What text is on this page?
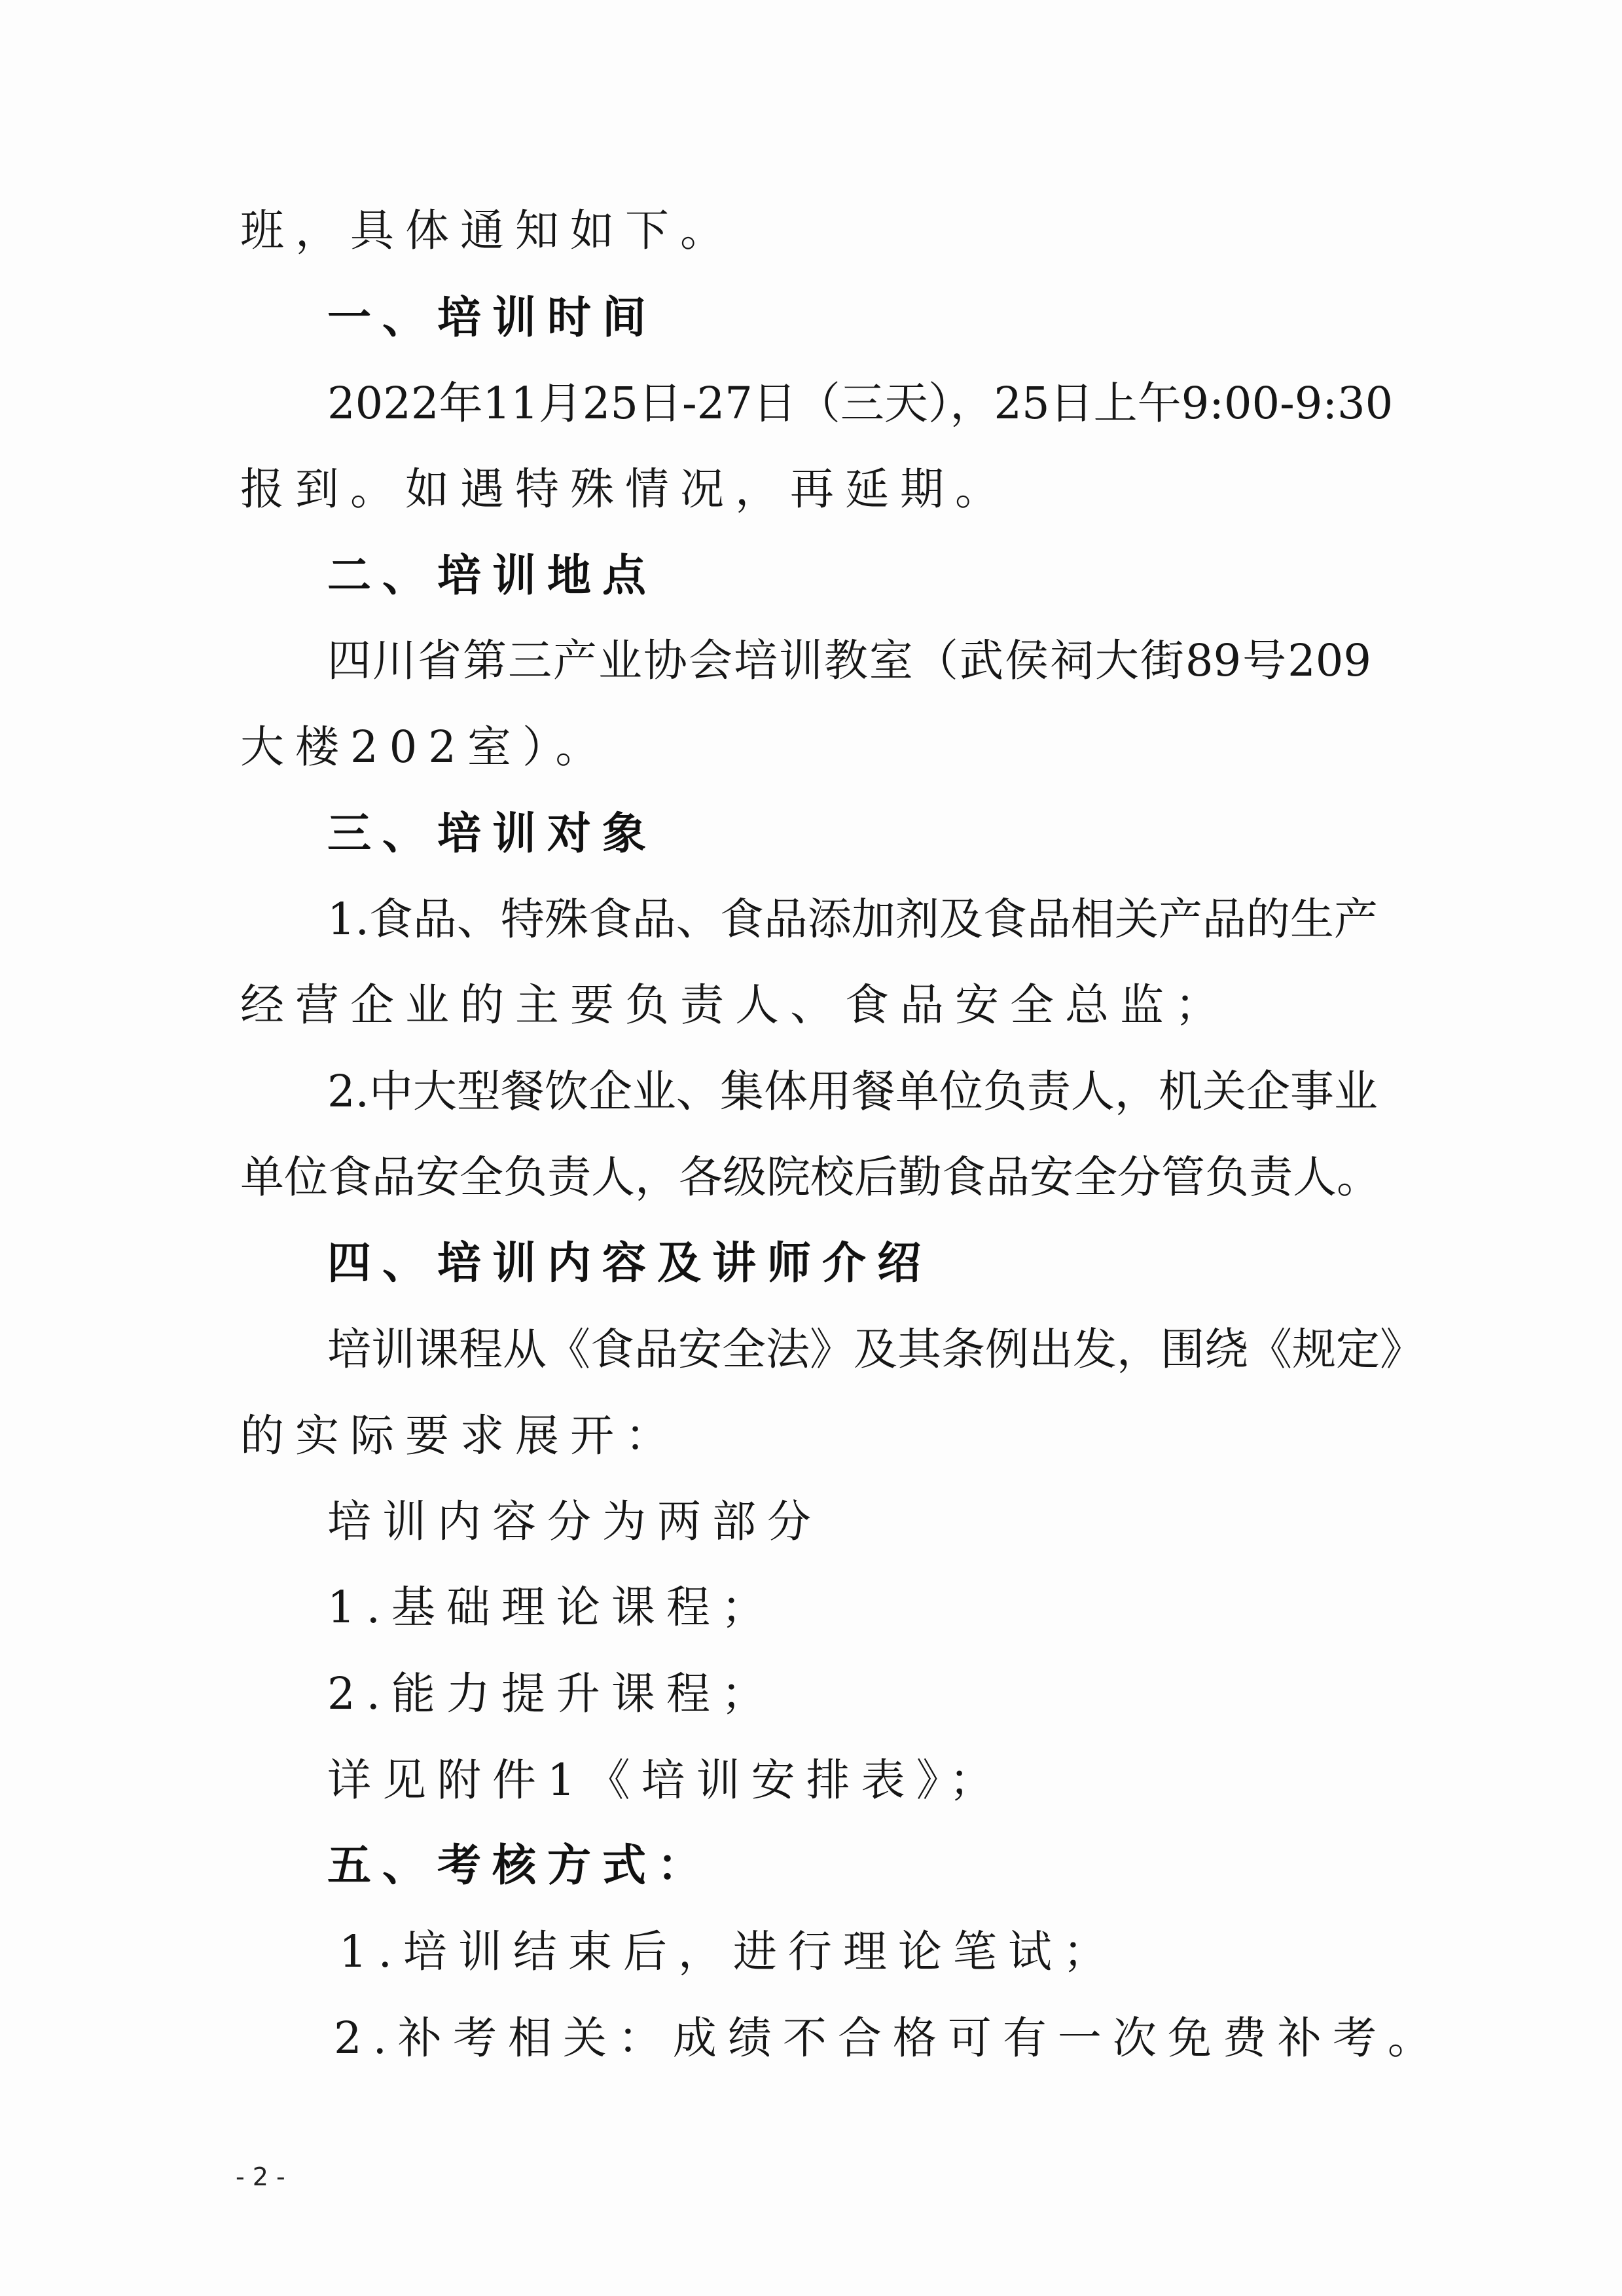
班，具体通知如下。
一、培训时间
2022年11月25日-27日（三天），25日上午9:00-9:30
报到。如遇特殊情况，再延期。
二、培训地点
四川省第三产业协会培训教室（武侯祠大街89号209
大楼202室）。
三、培训对象
1.食品、特殊食品、食品添加剂及食品相关产品的生产
经营企业的主要负责人、食品安全总监；
2.中大型餐饮企业、集体用餐单位负责人，机关企事业
单位食品安全负责人，各级院校后勤食品安全分管负责人。
四、培训内容及讲师介绍
培训课程从《食品安全法》及其条例出发，围绕《规定》
的实际要求展开：
培训内容分为两部分
1.基础理论课程；
2.能力提升课程；
详见附件1《培训安排表》；
五、考核方式：
1.培训结束后，进行理论笔试；
2.补考相关：成绩不合格可有一次免费补考。
- 2 -
